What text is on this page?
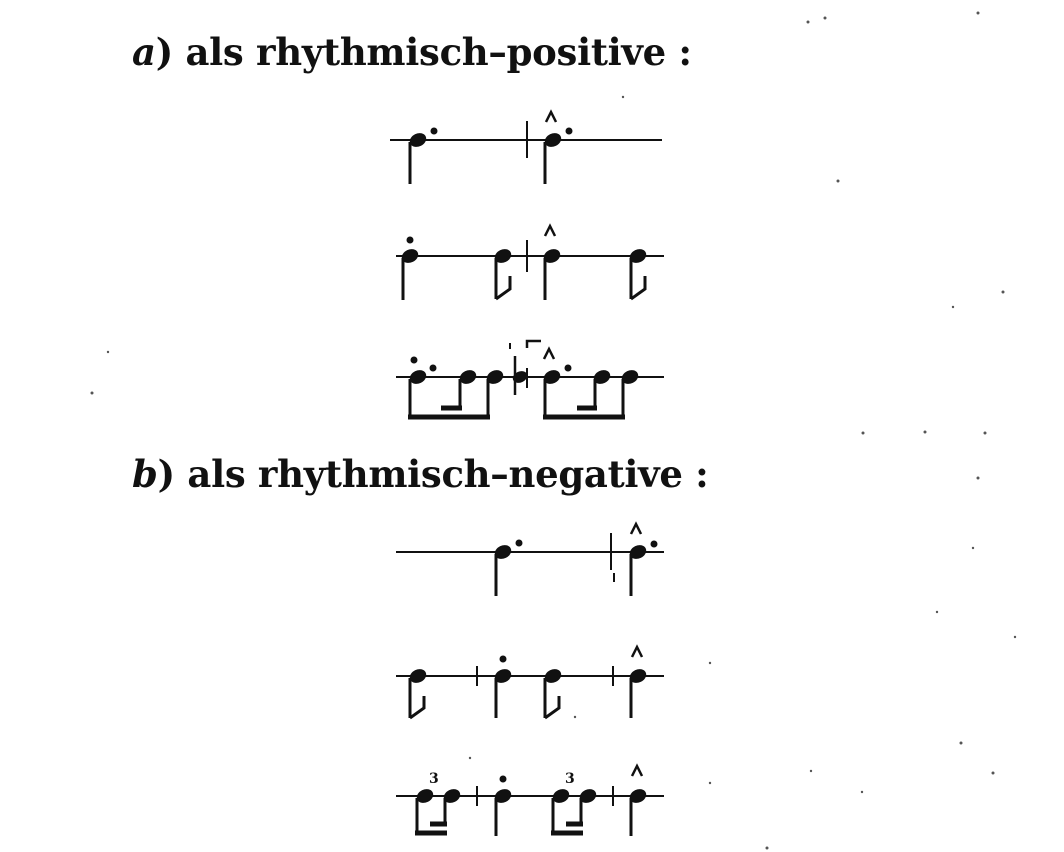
a) als rhythmisch–positive :
b) als rhythmisch–negative :
3	3
